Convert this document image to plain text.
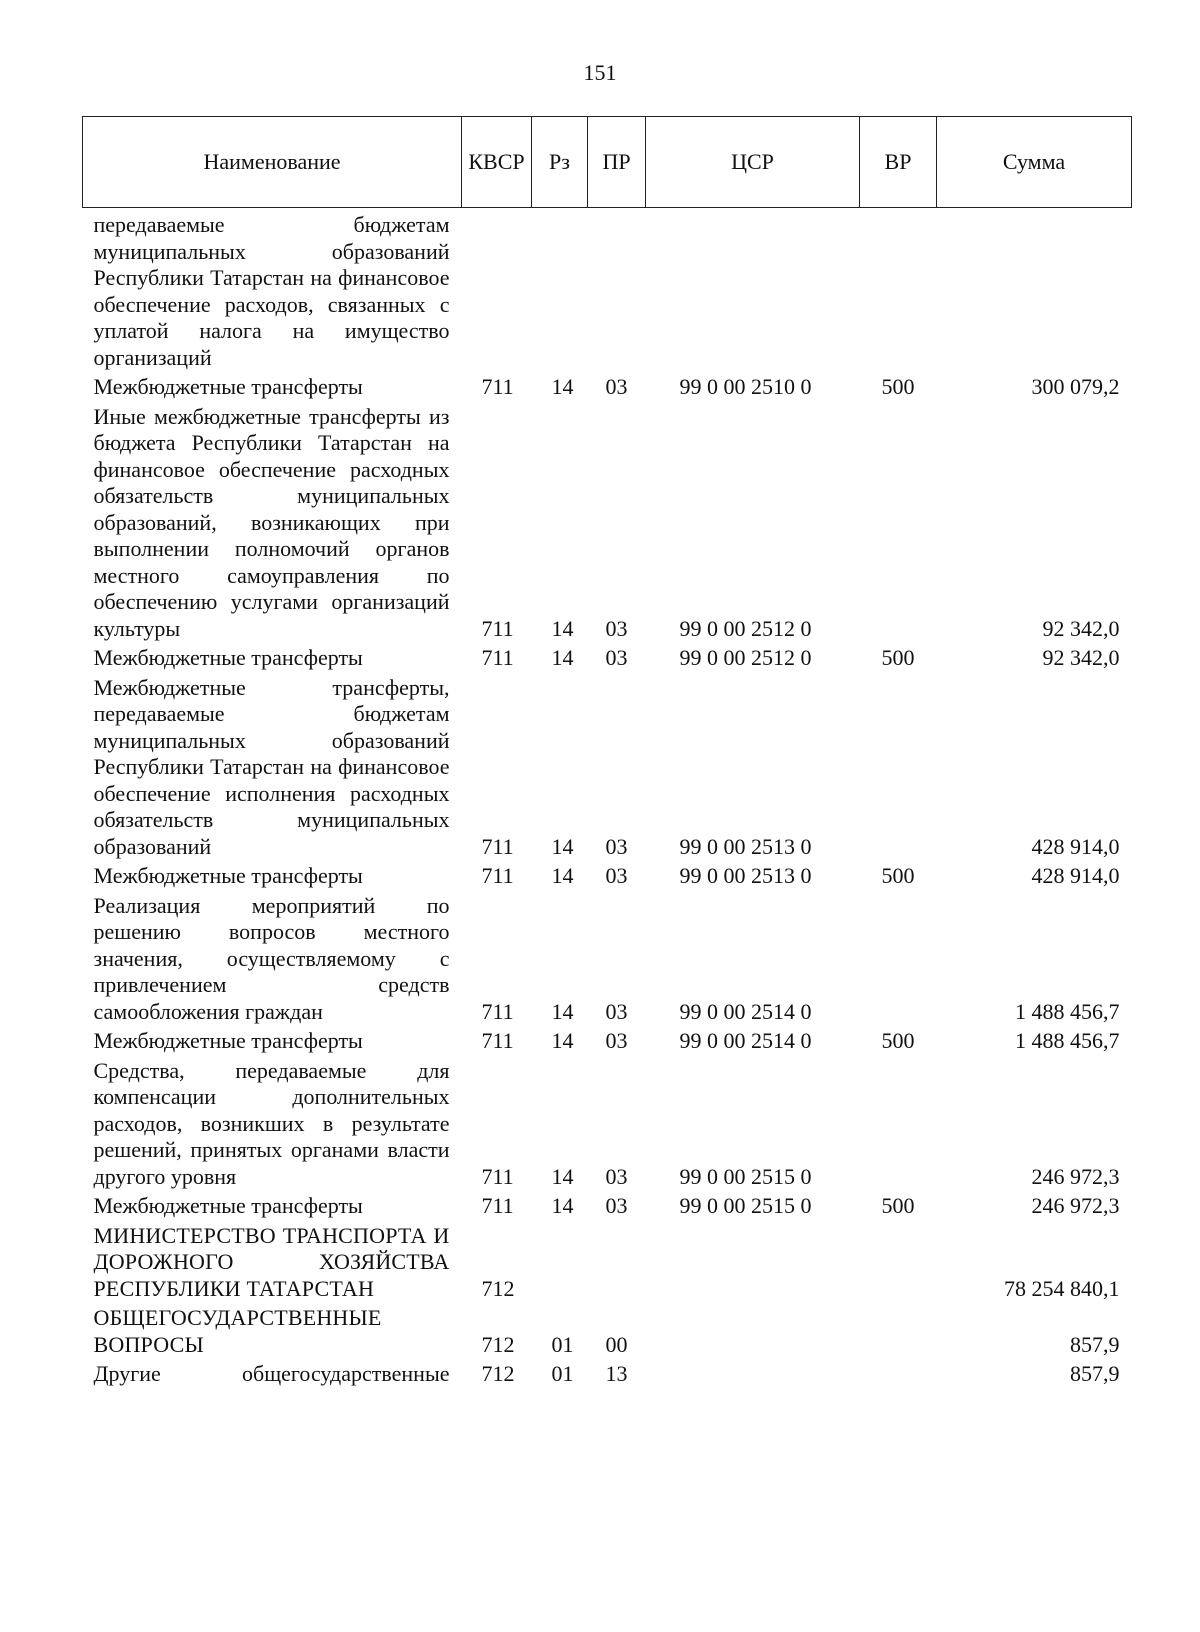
151
Наименование	КВСР	Рз	ПР	ЦСР	ВР	Сумма
передаваемые бюджетам муниципальных образований Республики Татарстан на финансовое обеспечение расходов, связанных с уплатой налога на имущество организаций						
Межбюджетные трансферты	711	14	03	99 0 00 2510 0	500	300 079,2
Иные межбюджетные трансферты из бюджета Республики Татарстан на финансовое обеспечение расходных обязательств муниципальных образований, возникающих при выполнении полномочий органов местного самоуправления по обеспечению услугами организаций культуры	711	14	03	99 0 00 2512 0		92 342,0
Межбюджетные трансферты	711	14	03	99 0 00 2512 0	500	92 342,0
Межбюджетные трансферты, передаваемые бюджетам муниципальных образований Республики Татарстан на финансовое обеспечение исполнения расходных обязательств муниципальных образований	711	14	03	99 0 00 2513 0		428 914,0
Межбюджетные трансферты	711	14	03	99 0 00 2513 0	500	428 914,0
Реализация мероприятий по решению вопросов местного значения, осуществляемому с привлечением средств самообложения граждан	711	14	03	99 0 00 2514 0		1 488 456,7
Межбюджетные трансферты	711	14	03	99 0 00 2514 0	500	1 488 456,7
Средства, передаваемые для компенсации дополнительных расходов, возникших в результате решений, принятых органами власти другого уровня	711	14	03	99 0 00 2515 0		246 972,3
Межбюджетные трансферты	711	14	03	99 0 00 2515 0	500	246 972,3
МИНИСТЕРСТВО ТРАНСПОРТА И ДОРОЖНОГО ХОЗЯЙСТВА РЕСПУБЛИКИ ТАТАРСТАН	712					78 254 840,1
ОБЩЕГОСУДАРСТВЕННЫЕ ВОПРОСЫ	712	01	00			857,9
Другие общегосударственные	712	01	13			857,9
